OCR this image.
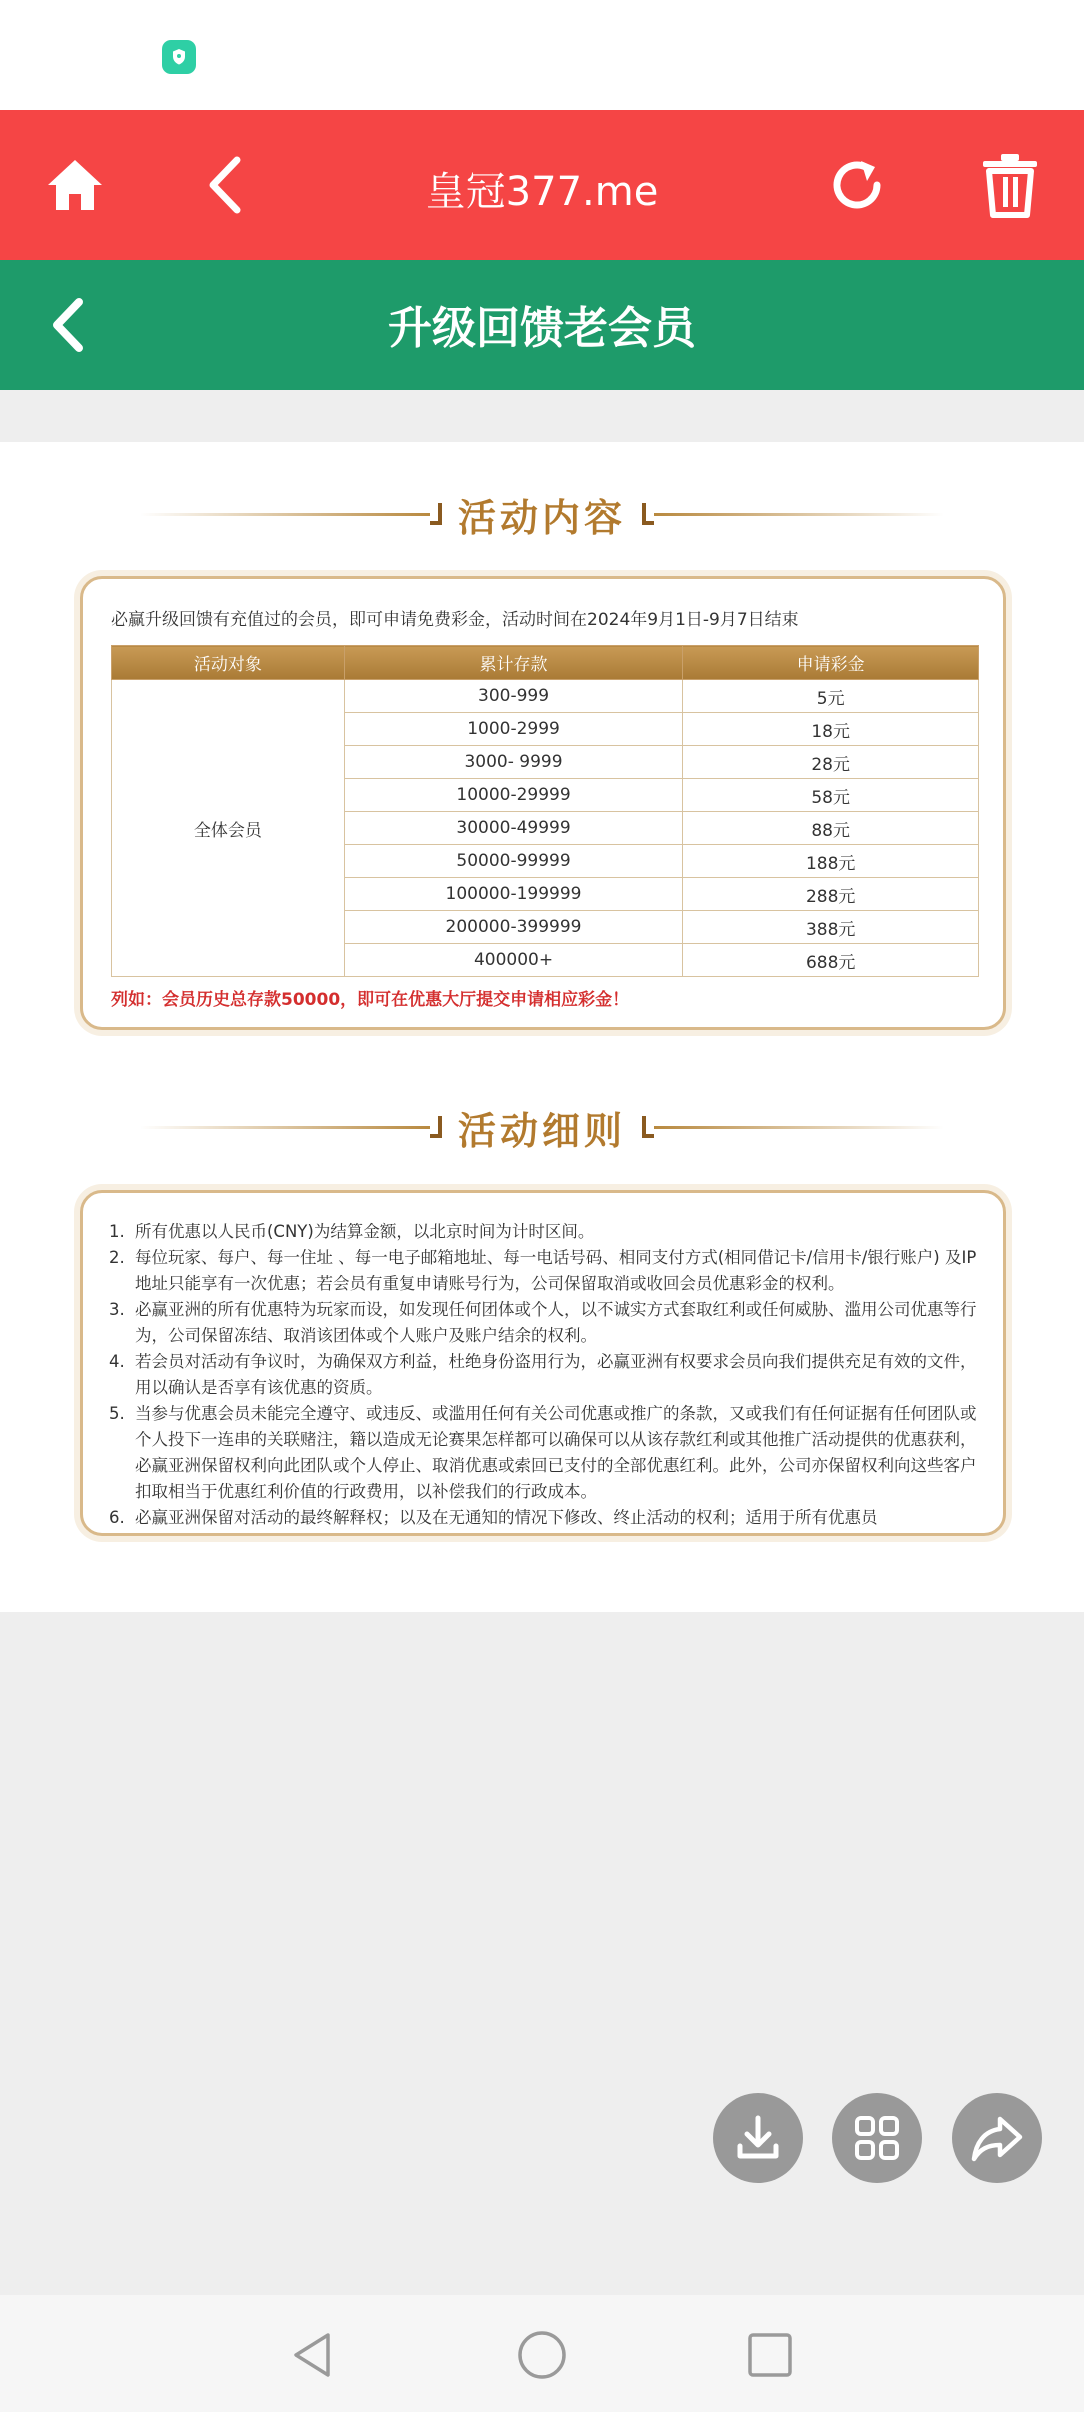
皇冠377.me
升级回馈老会员
活动内容
必赢升级回馈有充值过的会员，即可申请免费彩金，活动时间在2024年9月1日-9月7日结束
活动对象	累计存款	申请彩金
全体会员	300-999	5元
	1000-2999	18元
	3000- 9999	28元
	10000-29999	58元
	30000-49999	88元
	50000-99999	188元
	100000-199999	288元
	200000-399999	388元
	400000+	688元
列如：会员历史总存款50000，即可在优惠大厅提交申请相应彩金！
活动细则
1. 所有优惠以人民币(CNY)为结算金额，以北京时间为计时区间。
2. 每位玩家、每户、每一住址 、每一电子邮箱地址、每一电话号码、相同支付方式(相同借记卡/信用卡/银行账户) 及IP地址只能享有一次优惠；若会员有重复申请账号行为，公司保留取消或收回会员优惠彩金的权利。
3. 必赢亚洲的所有优惠特为玩家而设，如发现任何团体或个人，以不诚实方式套取红利或任何威胁、滥用公司优惠等行为，公司保留冻结、取消该团体或个人账户及账户结余的权利。
4. 若会员对活动有争议时，为确保双方利益，杜绝身份盗用行为，必赢亚洲有权要求会员向我们提供充足有效的文件，用以确认是否享有该优惠的资质。
5. 当参与优惠会员未能完全遵守、或违反、或滥用任何有关公司优惠或推广的条款，又或我们有任何证据有任何团队或个人投下一连串的关联赌注，籍以造成无论赛果怎样都可以确保可以从该存款红利或其他推广活动提供的优惠获利，必赢亚洲保留权利向此团队或个人停止、取消优惠或索回已支付的全部优惠红利。此外，公司亦保留权利向这些客户扣取相当于优惠红利价值的行政费用，以补偿我们的行政成本。
6. 必赢亚洲保留对活动的最终解释权；以及在无通知的情况下修改、终止活动的权利；适用于所有优惠员
